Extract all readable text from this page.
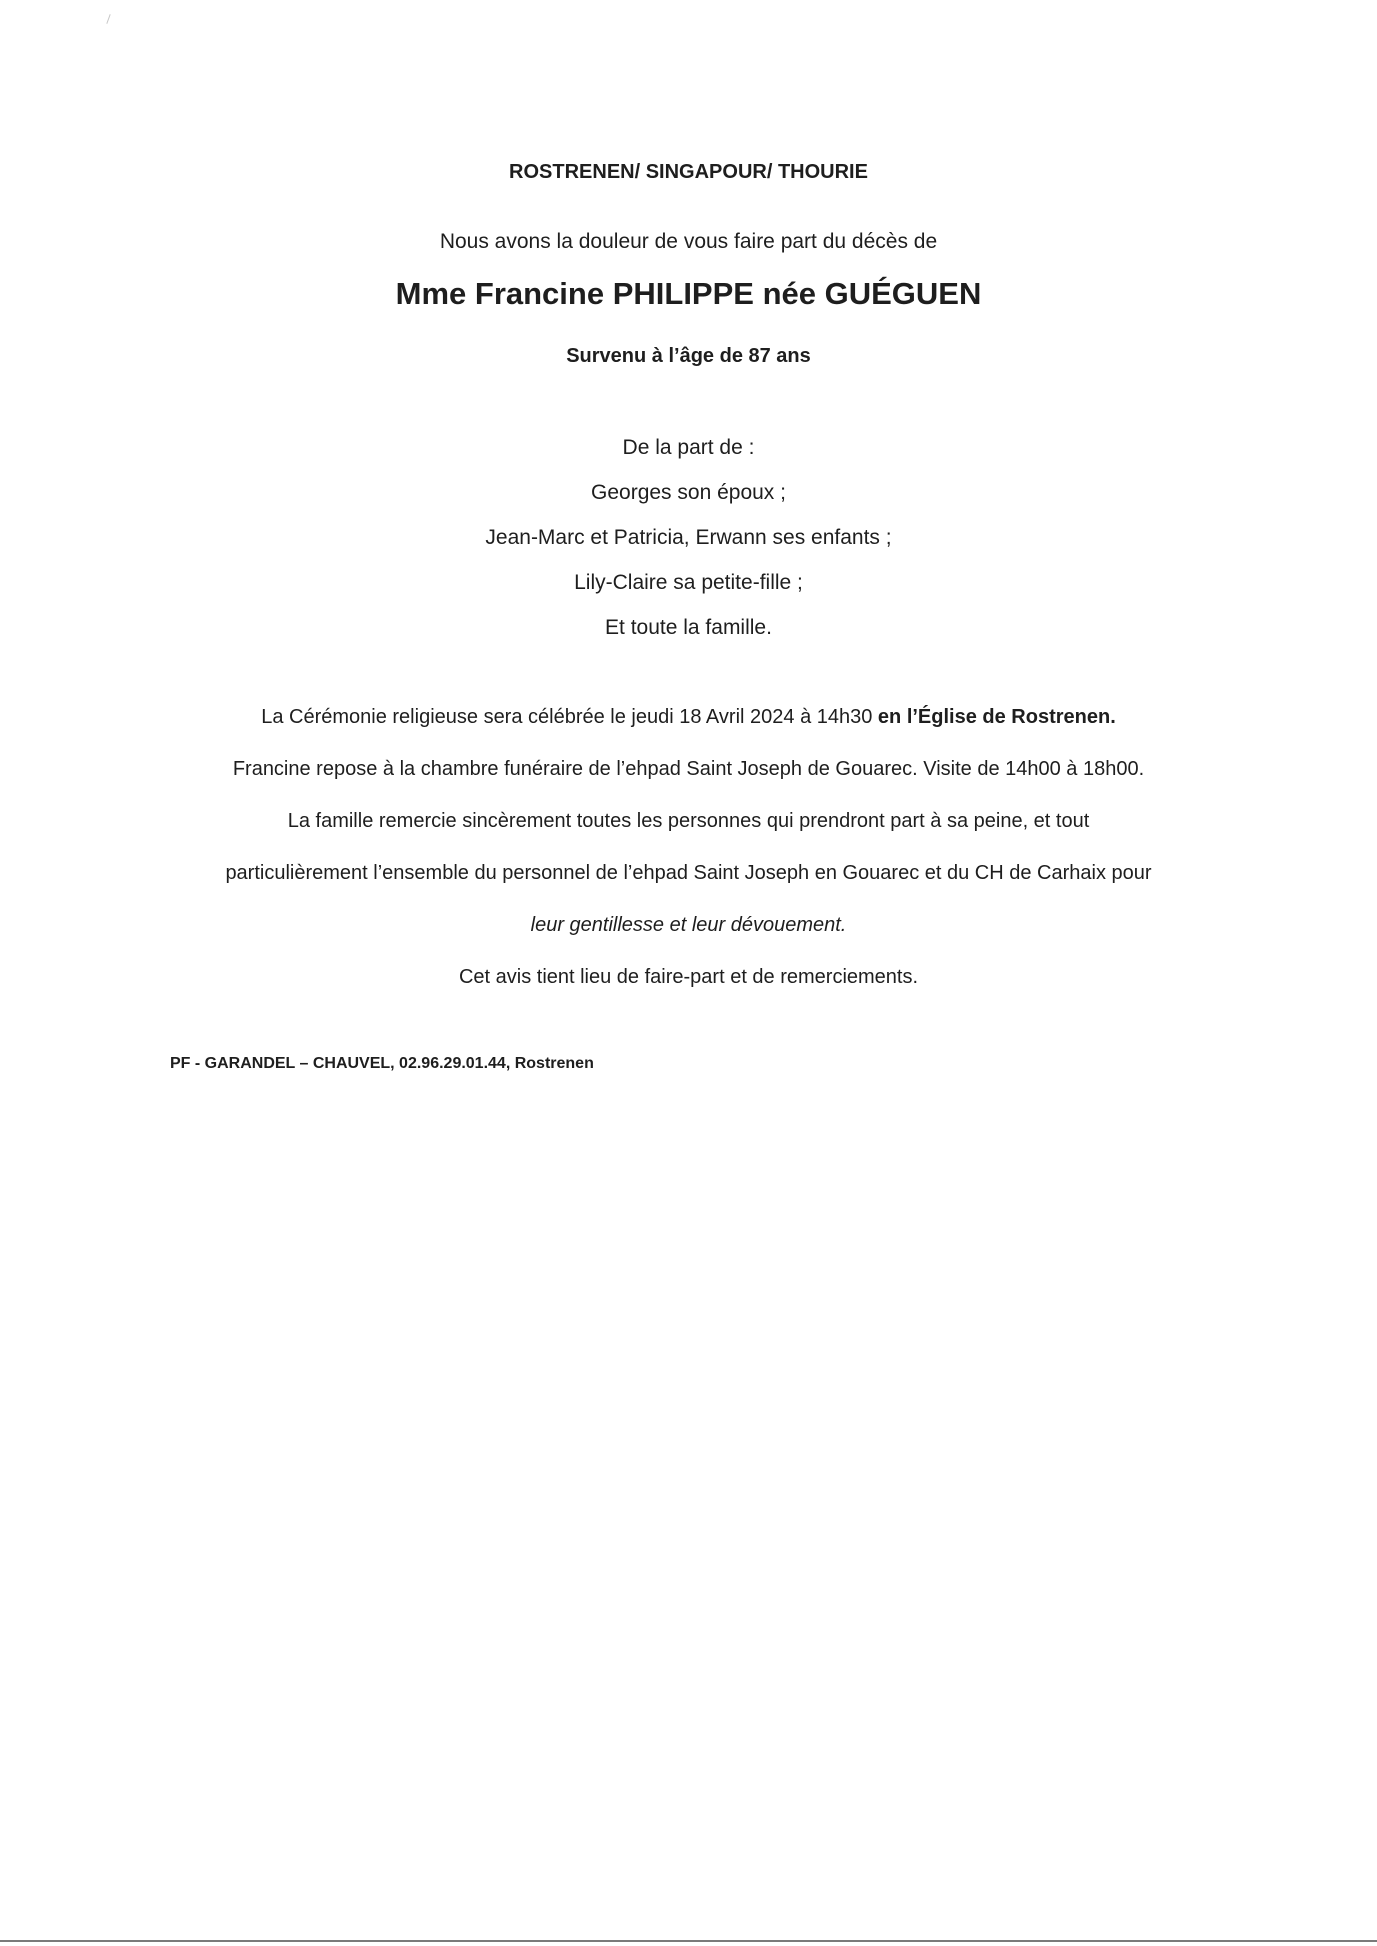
ROSTRENEN/ SINGAPOUR/ THOURIE
Nous avons la douleur de vous faire part du décès de
Mme Francine PHILIPPE née GUÉGUEN
Survenu à l’âge de 87 ans
De la part de :
Georges son époux ;
Jean-Marc et Patricia, Erwann ses enfants ;
Lily-Claire sa petite-fille ;
Et toute la famille.
La Cérémonie religieuse sera célébrée le jeudi 18 Avril 2024 à 14h30 en l’Église de Rostrenen.
Francine repose à la chambre funéraire de l’ehpad Saint Joseph de Gouarec. Visite de 14h00 à 18h00.
La famille remercie sincèrement toutes les personnes qui prendront part à sa peine, et tout
particulièrement l’ensemble du personnel de l’ehpad Saint Joseph en Gouarec et du CH de Carhaix pour
leur gentillesse et leur dévouement.
Cet avis tient lieu de faire-part et de remerciements.
PF - GARANDEL – CHAUVEL, 02.96.29.01.44, Rostrenen
